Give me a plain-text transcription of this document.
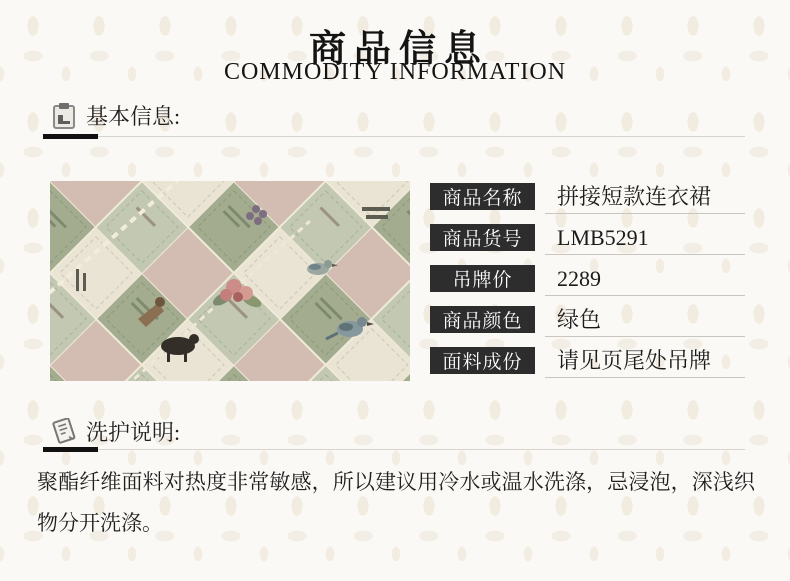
商品信息
COMMODITY INFORMATION
基本信息:
商品名称	拼接短款连衣裙
商品货号	LMB5291
吊牌价	2289
商品颜色	绿色
面料成份	请见页尾处吊牌
洗护说明:

聚酯纤维面料对热度非常敏感，所以建议用冷水或温水洗涤，忌浸泡，深浅织物分开洗涤。
